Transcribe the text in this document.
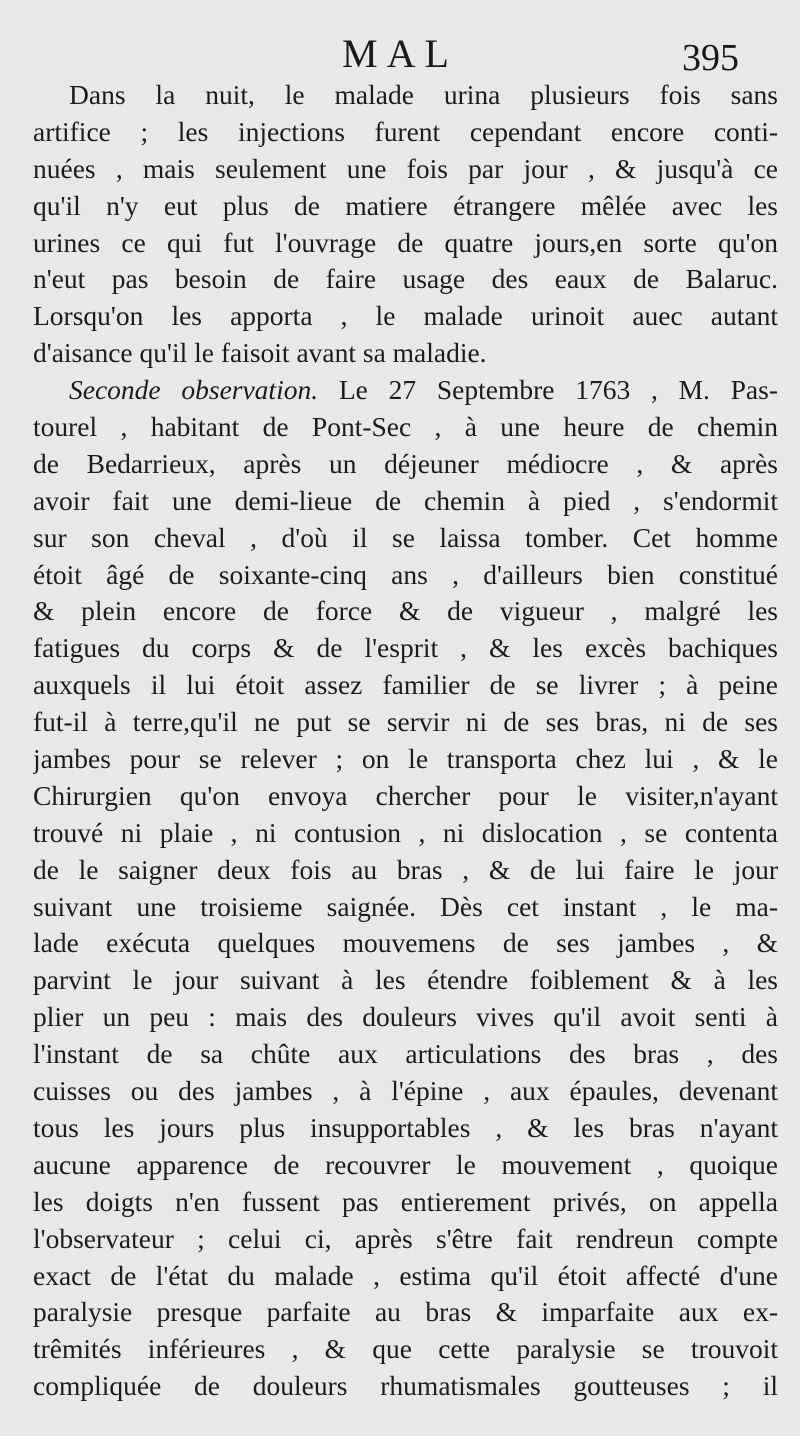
MAL	395
Dans la nuit, le malade urina plusieurs fois sans
artifice ; les injections furent cependant encore conti-
nuées , mais seulement une fois par jour , & jusqu'à ce
qu'il n'y eut plus de matiere étrangere mêlée avec les
urines ce qui fut l'ouvrage de quatre jours,en sorte qu'on
n'eut pas besoin de faire usage des eaux de Balaruc.
Lorsqu'on les apporta , le malade urinoit auec autant
d'aisance qu'il le faisoit avant sa maladie.
Seconde observation. Le 27 Septembre 1763 , M. Pas-
tourel , habitant de Pont-Sec , à une heure de chemin
de Bedarrieux, après un déjeuner médiocre , & après
avoir fait une demi-lieue de chemin à pied , s'endormit
sur son cheval , d'où il se laissa tomber. Cet homme
étoit âgé de soixante-cinq ans , d'ailleurs bien constitué
& plein encore de force & de vigueur , malgré les
fatigues du corps & de l'esprit , & les excès bachiques
auxquels il lui étoit assez familier de se livrer ; à peine
fut-il à terre,qu'il ne put se servir ni de ses bras, ni de ses
jambes pour se relever ; on le transporta chez lui , & le
Chirurgien qu'on envoya chercher pour le visiter,n'ayant
trouvé ni plaie , ni contusion , ni dislocation , se contenta
de le saigner deux fois au bras , & de lui faire le jour
suivant une troisieme saignée. Dès cet instant , le ma-
lade exécuta quelques mouvemens de ses jambes , &
parvint le jour suivant à les étendre foiblement & à les
plier un peu : mais des douleurs vives qu'il avoit senti à
l'instant de sa chûte aux articulations des bras , des
cuisses ou des jambes , à l'épine , aux épaules, devenant
tous les jours plus insupportables , & les bras n'ayant
aucune apparence de recouvrer le mouvement , quoique
les doigts n'en fussent pas entierement privés, on appella
l'observateur ; celui ci, après s'être fait rendreun compte
exact de l'état du malade , estima qu'il étoit affecté d'une
paralysie presque parfaite au bras & imparfaite aux ex-
trêmités inférieures , & que cette paralysie se trouvoit
compliquée de douleurs rhumatismales goutteuses ; il
